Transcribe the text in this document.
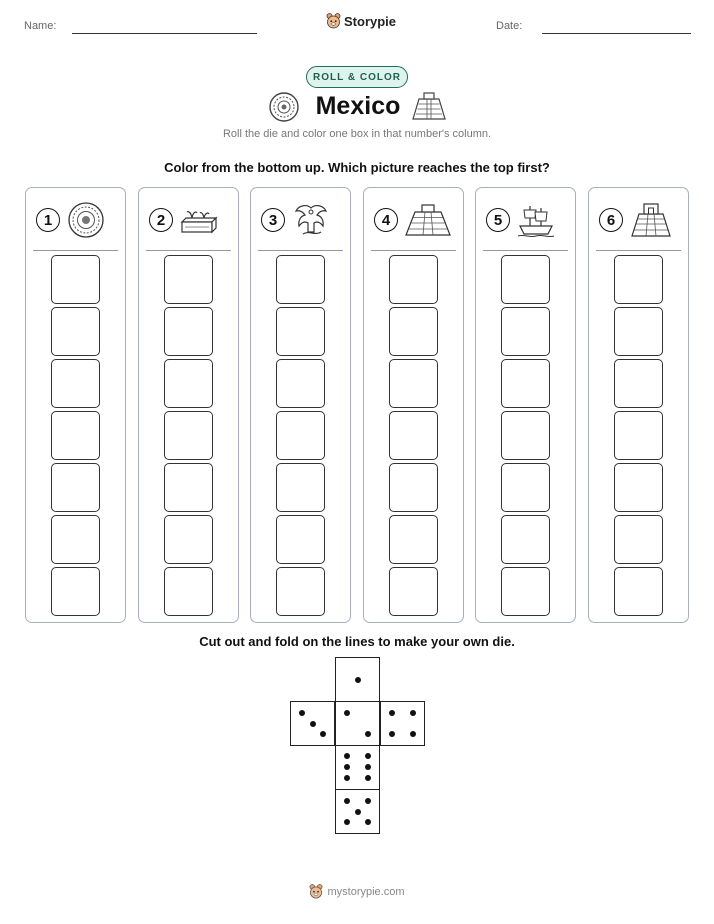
Name:	Storypie	Date:
ROLL & COLOR
Mexico
Roll the die and color one box in that number's column.
Color from the bottom up. Which picture reaches the top first?
1	2	3	4	5	6
Cut out and fold on the lines to make your own die.
mystorypie.com
